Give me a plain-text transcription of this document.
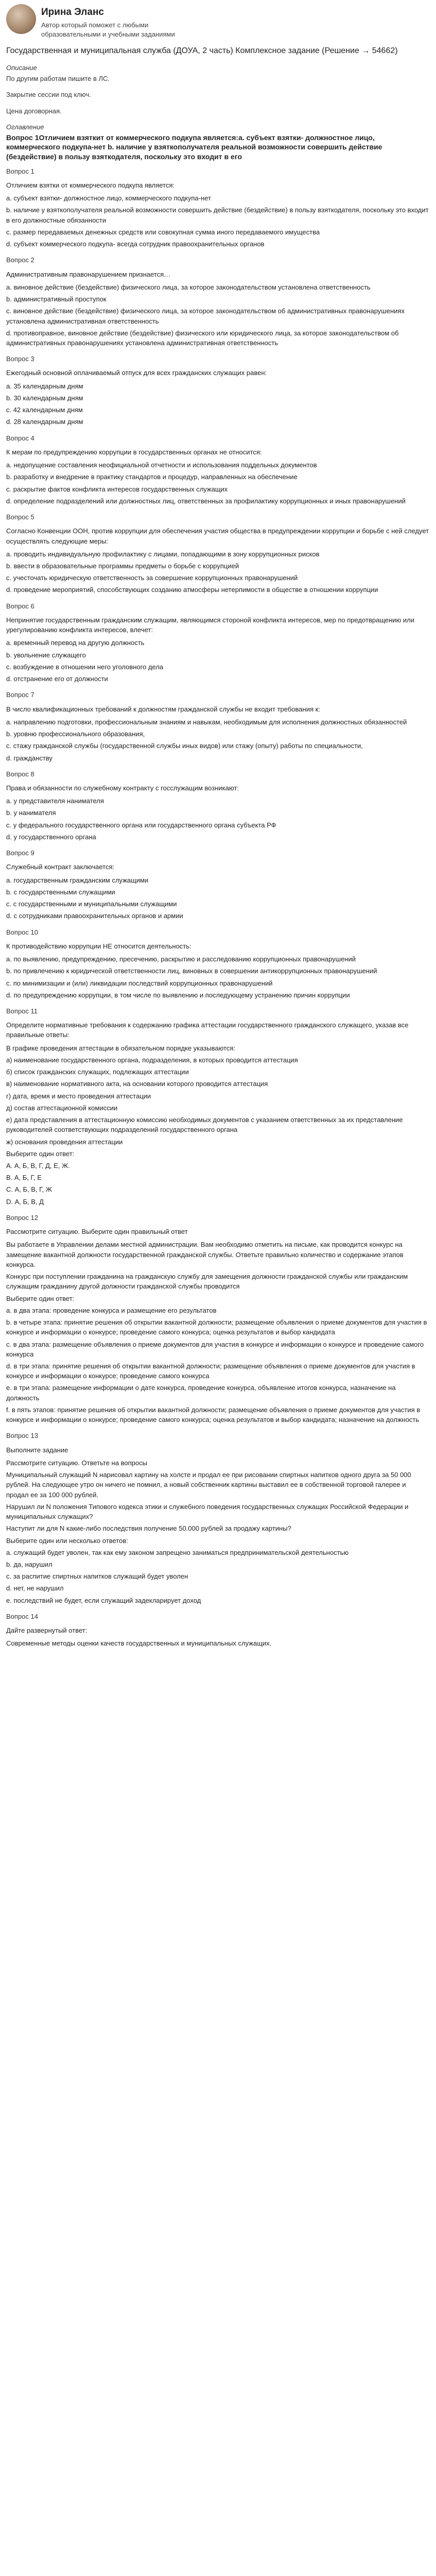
Ирина Эланс
Автор который поможет с любыми образовательными и учебными заданиями
Государственная и муниципальная служба (ДОУА, 2 часть) Комплексное задание (Решение → 54662)
Описание
По другим работам пишите в ЛС.
Закрытие сессии под ключ.
Цена договорная.
Оглавление
Вопрос 1Отличием взяткит от коммерческого подкупа является:а. субъект взятки- должностное лицо, коммерческого подкупа-нет b. наличие у взяткополучателя реальной возможности совершить действие (бездействие) в пользу взяткодателя, поскольку это входит в его
Вопрос 1
Отличием взятки от коммерческого подкупа является:
а. субъект взятки- должностное лицо, коммерческого подкупа-нет
b. наличие у взяткополучателя реальной возможности совершить действие (бездействие) в пользу взяткодателя, поскольку это входит в его должностные обязанности
с. размер передаваемых денежных средств или совокупная сумма иного передаваемого имущества
d. субъект коммерческого подкупа- всегда сотрудник правоохранительных органов
Вопрос 2
Административным правонарушением признается…
а. виновное действие (бездействие) физического лица, за которое законодательством установлена ответственность
b. административный проступок
с. виновное действие (бездействие) физического лица, за которое законодательством об административных правонарушениях установлена административная ответственность
d. противоправное, виновное действие (бездействие) физического или юридического лица, за которое законодательством об административных правонарушениях установлена административная ответственность
Вопрос 3
Ежегодный основной оплачиваемый отпуск для всех гражданских служащих равен:
а. 35 календарным дням
b. 30 календарным дням
с. 42 календарным дням
d. 28 календарным дням
Вопрос 4
К мерам по предупреждению коррупции в государственных органах не относится:
а. недопущение составления неофициальной отчетности и использования поддельных документов
b. разработку и внедрение в практику стандартов и процедур, направленных на обеспечение
с. раскрытие фактов конфликта интересов государственных служащих
d. определение подразделений или должностных лиц, ответственных за профилактику коррупционных и иных правонарушений
Вопрос 5
Согласно Конвенции ООН, против коррупции для обеспечения участия общества в предупреждении коррупции и борьбе с ней следует осуществлять следующие меры:
а. проводить индивидуальную профилактику с лицами, попадающими в зону коррупционных рисков
b. ввести в образовательные программы предметы о борьбе с коррупцией
с. учесточать юридическую ответственность за совершение коррупционных правонарушений
d. проведение мероприятий, способствующих созданию атмосферы нетерпимости в обществе в отношении коррупции
Вопрос 6
Непринятие государственным гражданским служащим, являющимся стороной конфликта интересов, мер по предотвращению или урегулированию конфликта интересов, влечет:
а. временный перевод на другую должность
b. увольнение служащего
с. возбуждение в отношении него уголовного дела
d. отстранение его от должности
Вопрос 7
В число квалификационных требований к должностям гражданской службы не входит требования к:
а. направлению подготовки, профессиональным знаниям и навыкам, необходимым для исполнения должностных обязанностей
b. уровню профессионального образования,
с. стажу гражданской службы (государственной службы иных видов) или стажу (опыту) работы по специальности,
d. гражданству
Вопрос 8
Права и обязанности по служебному контракту с госслужащим возникают:
а. у представителя нанимателя
b. у нанимателя
с. у федерального государственного органа или государственного органа субъекта РФ
d. у государственного органа
Вопрос 9
Служебный контракт заключается:
а. государственным гражданским служащими
b. с государственными служащими
с. с государственными и муниципальными служащими
d. с сотрудниками правоохранительных органов и армии
Вопрос 10
К противодействию коррупции НЕ относится деятельность:
а. по выявлению, предупреждению, пресечению, раскрытию и расследованию коррупционных правонарушений
b. по привлечению к юридической ответственности лиц, виновных в совершении антикоррупционных правонарушений
с. по минимизации и (или) ликвидации последствий коррупционных правонарушений
d. по предупреждению коррупции, в том числе по выявлению и последующему устранению причин коррупции
Вопрос 11
Определите нормативные требования к содержанию графика аттестации государственного гражданского служащего, указав все правильные ответы:
В графике проведения аттестации в обязательном порядке указываются:
а) наименование государственного органа, подразделения, в которых проводится аттестация
б) список гражданских служащих, подлежащих аттестации
в) наименование нормативного акта, на основании которого проводится аттестация
г) дата, время и место проведения аттестации
д) состав аттестационной комиссии
е) дата представления в аттестационную комиссию необходимых документов с указанием ответственных за их представление руководителей соответствующих подразделений государственного органа
ж) основания проведения аттестации
Выберите один ответ:
А. А, Б, В, Г, Д, Е, Ж.
В. А, Б, Г, Е
С. А, Б, В, Г, Ж
D. А, Б, В, Д
Вопрос 12
Рассмотрите ситуацию. Выберите один правильный ответ
Вы работаете в Управлении делами местной администрации. Вам необходимо отметить на письме, как проводится конкурс на замещение вакантной должности государственной гражданской службы. Ответьте правильно количество и содержание этапов конкурса.
Конкурс при поступлении гражданина на гражданскую службу для замещения должности гражданской службы или гражданским служащим гражданину другой должности гражданской службы проводится
Выберите один ответ:
а. в два этапа: проведение конкурса и размещение его результатов
b. в четыре этапа: принятие решения об открытии вакантной должности; размещение объявления о приеме документов для участия в конкурсе и информации о конкурсе; проведение самого конкурса; оценка результатов и выбор кандидата
с. в два этапа: размещение объявления о приеме документов для участия в конкурсе и информации о конкурсе и проведение самого конкурса
d. в три этапа: принятие решения об открытии вакантной должности; размещение объявления о приеме документов для участия в конкурсе и информации о конкурсе; проведение самого конкурса
e. в три этапа: размещение информации о дате конкурса, проведение конкурса, объявление итогов конкурса, назначение на должность
f. в пять этапов: принятие решения об открытии вакантной должности; размещение объявления о приеме документов для участия в конкурсе и информации о конкурсе; проведение самого конкурса; оценка результатов и выбор кандидата; назначение на должность
Вопрос 13
Выполните задание
Рассмотрите ситуацию. Ответьте на вопросы
Муниципальный служащий N нарисовал картину на холсте и продал ее при рисовании спиртных напитков одного друга за 50 000 рублей. На следующее утро он ничего не помнил, а новый собственник картины выставил ее в собственной торговой галерее и продал ее за 100 000 рублей.
Нарушил ли N положения Типового кодекса этики и служебного поведения государственных служащих Российской Федерации и муниципальных служащих?
Наступит ли для N какие-либо последствия получение 50.000 рублей за продажу картины?
Выберите один или несколько ответов:
а. служащий будет уволен, так как ему законом запрещено заниматься предпринимательской деятельностью
b. да, нарушил
с. за распитие спиртных напитков служащий будет уволен
d. нет, не нарушил
е. последствий не будет, если служащий задекларирует доход
Вопрос 14
Дайте развернутый ответ:
Современные методы оценки качеств государственных и муниципальных служащих.
